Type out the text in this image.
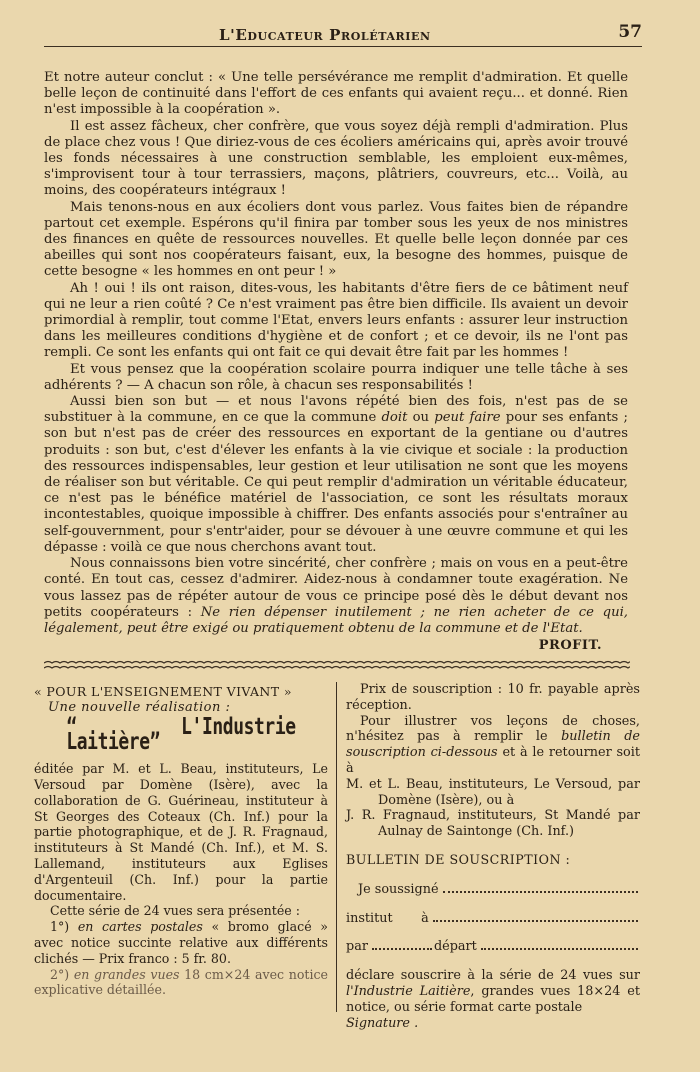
L'Educateur Prolétarien	57

Et notre auteur conclut : « Une telle persévérance me remplit d'admiration. Et quelle belle leçon de continuité dans l'effort de ces enfants qui avaient reçu... et donné. Rien n'est impossible à la coopération ».

Il est assez fâcheux, cher confrère, que vous soyez déjà rempli d'admiration. Plus de place chez vous ! Que diriez-vous de ces écoliers américains qui, après avoir trouvé les fonds nécessaires à une construction semblable, les emploient eux-mêmes, s'improvisent tour à tour terrassiers, maçons, plâtriers, couvreurs, etc... Voilà, au moins, des coopérateurs intégraux !

Mais tenons-nous en aux écoliers dont vous parlez. Vous faites bien de répandre partout cet exemple. Espérons qu'il finira par tomber sous les yeux de nos ministres des finances en quête de ressources nouvelles. Et quelle belle leçon donnée par ces abeilles qui sont nos coopérateurs faisant, eux, la besogne des hommes, puisque de cette besogne « les hommes en ont peur ! »

Ah ! oui ! ils ont raison, dites-vous, les habitants d'être fiers de ce bâtiment neuf qui ne leur a rien coûté ? Ce n'est vraiment pas être bien difficile. Ils avaient un devoir primordial à remplir, tout comme l'Etat, envers leurs enfants : assurer leur instruction dans les meilleures conditions d'hygiène et de confort ; et ce devoir, ils ne l'ont pas rempli. Ce sont les enfants qui ont fait ce qui devait être fait par les hommes !

Et vous pensez que la coopération scolaire pourra indiquer une telle tâche à ses adhérents ? — A chacun son rôle, à chacun ses responsabilités !

Aussi bien son but — et nous l'avons répété bien des fois, n'est pas de se substituer à la commune, en ce que la commune doit ou peut faire pour ses enfants ; son but n'est pas de créer des ressources en exportant de la gentiane ou d'autres produits : son but, c'est d'élever les enfants à la vie civique et sociale : la production des ressources indispensables, leur gestion et leur utilisation ne sont que les moyens de réaliser son but véritable. Ce qui peut remplir d'admiration un véritable éducateur, ce n'est pas le bénéfice matériel de l'association, ce sont les résultats moraux incontestables, quoique impossible à chiffrer. Des enfants associés pour s'entraîner au self-gouvernment, pour s'entr'aider, pour se dévouer à une œuvre commune et qui les dépasse : voilà ce que nous cherchons avant tout.

Nous connaissons bien votre sincérité, cher confrère ; mais on vous en a peut-être conté. En tout cas, cessez d'admirer. Aidez-nous à condamner toute exagération. Ne vous lassez pas de répéter autour de vous ce principe posé dès le début devant nos petits coopérateurs : Ne rien dépenser inutilement ; ne rien acheter de ce qui, légalement, peut être exigé ou pratiquement obtenu de la commune et de l'Etat.

PROFIT.

« POUR L'ENSEIGNEMENT VIVANT »

Une nouvelle réalisation :

“ L'Industrie Laitière”

éditée par M. et L. Beau, instituteurs, Le Versoud par Domène (Isère), avec la collaboration de G. Guérineau, instituteur à St Georges des Coteaux (Ch. Inf.) pour la partie photographique, et de J. R. Fragnaud, instituteurs à St Mandé (Ch. Inf.), et M. S. Lallemand, instituteurs aux Eglises d'Argenteuil (Ch. Inf.) pour la partie documentaire.

Cette série de 24 vues sera présentée :

1°) en cartes postales « bromo glacé » avec notice succinte relative aux différents clichés — Prix franco : 5 fr. 80.

2°) en grandes vues 18 cm×24 avec notice explicative détaillée.

Prix de souscription : 10 fr. payable après réception.

Pour illustrer vos leçons de choses, n'hésitez pas à remplir le bulletin de souscription ci-dessous et à le retourner soit à

M. et L. Beau, instituteurs, Le Versoud, par Domène (Isère), ou à

J. R. Fragnaud, instituteurs, St Mandé par Aulnay de Saintonge (Ch. Inf.)

BULLETIN DE SOUSCRIPTION :

Je soussigné
institut       à
par	départ

déclare souscrire à la série de 24 vues sur l'Industrie Laitière, grandes vues 18×24 et notice, ou série format carte postale

Signature .
